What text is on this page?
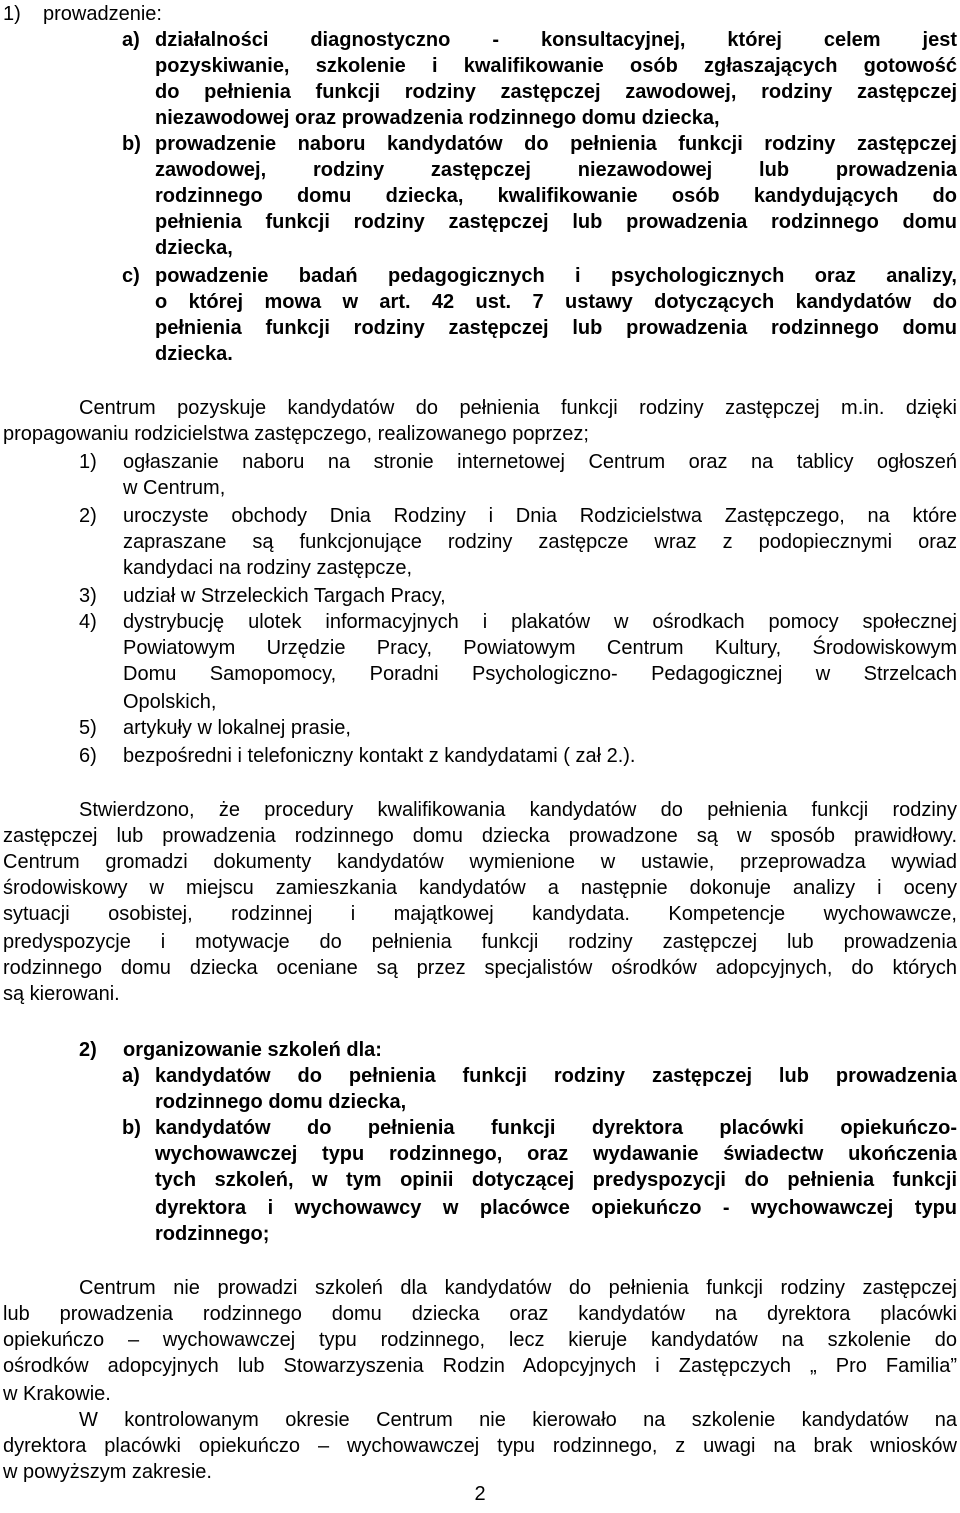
1) prowadzenie:
a) działalności diagnostyczno - konsultacyjnej, której celem jest
pozyskiwanie, szkolenie i kwalifikowanie osób zgłaszających gotowość
do pełnienia funkcji rodziny zastępczej zawodowej, rodziny zastępczej
niezawodowej oraz prowadzenia rodzinnego domu dziecka,
b) prowadzenie naboru kandydatów do pełnienia funkcji rodziny zastępczej
zawodowej, rodziny zastępczej niezawodowej lub prowadzenia
rodzinnego domu dziecka, kwalifikowanie osób kandydujących do
pełnienia funkcji rodziny zastępczej lub prowadzenia rodzinnego domu
dziecka,
c) powadzenie badań pedagogicznych i psychologicznych oraz analizy,
o której mowa w art. 42 ust. 7 ustawy dotyczących kandydatów do
pełnienia funkcji rodziny zastępczej lub prowadzenia rodzinnego domu
dziecka.
Centrum pozyskuje kandydatów do pełnienia funkcji rodziny zastępczej m.in. dzięki
propagowaniu rodzicielstwa zastępczego, realizowanego poprzez;
1) ogłaszanie naboru na stronie internetowej Centrum oraz na tablicy ogłoszeń
w Centrum,
2) uroczyste obchody Dnia Rodziny i Dnia Rodzicielstwa Zastępczego, na które
zapraszane są funkcjonujące rodziny zastępcze wraz z podopiecznymi oraz
kandydaci na rodziny zastępcze,
3) udział w Strzeleckich Targach Pracy,
4) dystrybucję ulotek informacyjnych i plakatów w ośrodkach pomocy społecznej
Powiatowym Urzędzie Pracy, Powiatowym Centrum Kultury, Środowiskowym
Domu Samopomocy, Poradni Psychologiczno- Pedagogicznej w Strzelcach
Opolskich,
5) artykuły w lokalnej prasie,
6) bezpośredni i telefoniczny kontakt z kandydatami ( zał 2.).
Stwierdzono, że procedury kwalifikowania kandydatów do pełnienia funkcji rodziny
zastępczej lub prowadzenia rodzinnego domu dziecka prowadzone są w sposób prawidłowy.
Centrum gromadzi dokumenty kandydatów wymienione w ustawie, przeprowadza wywiad
środowiskowy w miejscu zamieszkania kandydatów a następnie dokonuje analizy i oceny
sytuacji osobistej, rodzinnej i majątkowej kandydata. Kompetencje wychowawcze,
predyspozycje i motywacje do pełnienia funkcji rodziny zastępczej lub prowadzenia
rodzinnego domu dziecka oceniane są przez specjalistów ośrodków adopcyjnych, do których
są kierowani.
2) organizowanie szkoleń dla:
a) kandydatów do pełnienia funkcji rodziny zastępczej lub prowadzenia
rodzinnego domu dziecka,
b) kandydatów do pełnienia funkcji dyrektora placówki opiekuńczo-
wychowawczej typu rodzinnego, oraz wydawanie świadectw ukończenia
tych szkoleń, w tym opinii dotyczącej predyspozycji do pełnienia funkcji
dyrektora i wychowawcy w placówce opiekuńczo - wychowawczej typu
rodzinnego;
Centrum nie prowadzi szkoleń dla kandydatów do pełnienia funkcji rodziny zastępczej
lub prowadzenia rodzinnego domu dziecka oraz kandydatów na dyrektora placówki
opiekuńczo – wychowawczej typu rodzinnego, lecz kieruje kandydatów na szkolenie do
ośrodków adopcyjnych lub Stowarzyszenia Rodzin Adopcyjnych i Zastępczych „ Pro Familia”
w Krakowie.
W kontrolowanym okresie Centrum nie kierowało na szkolenie kandydatów na
dyrektora placówki opiekuńczo – wychowawczej typu rodzinnego, z uwagi na brak wniosków
w powyższym zakresie.
2
